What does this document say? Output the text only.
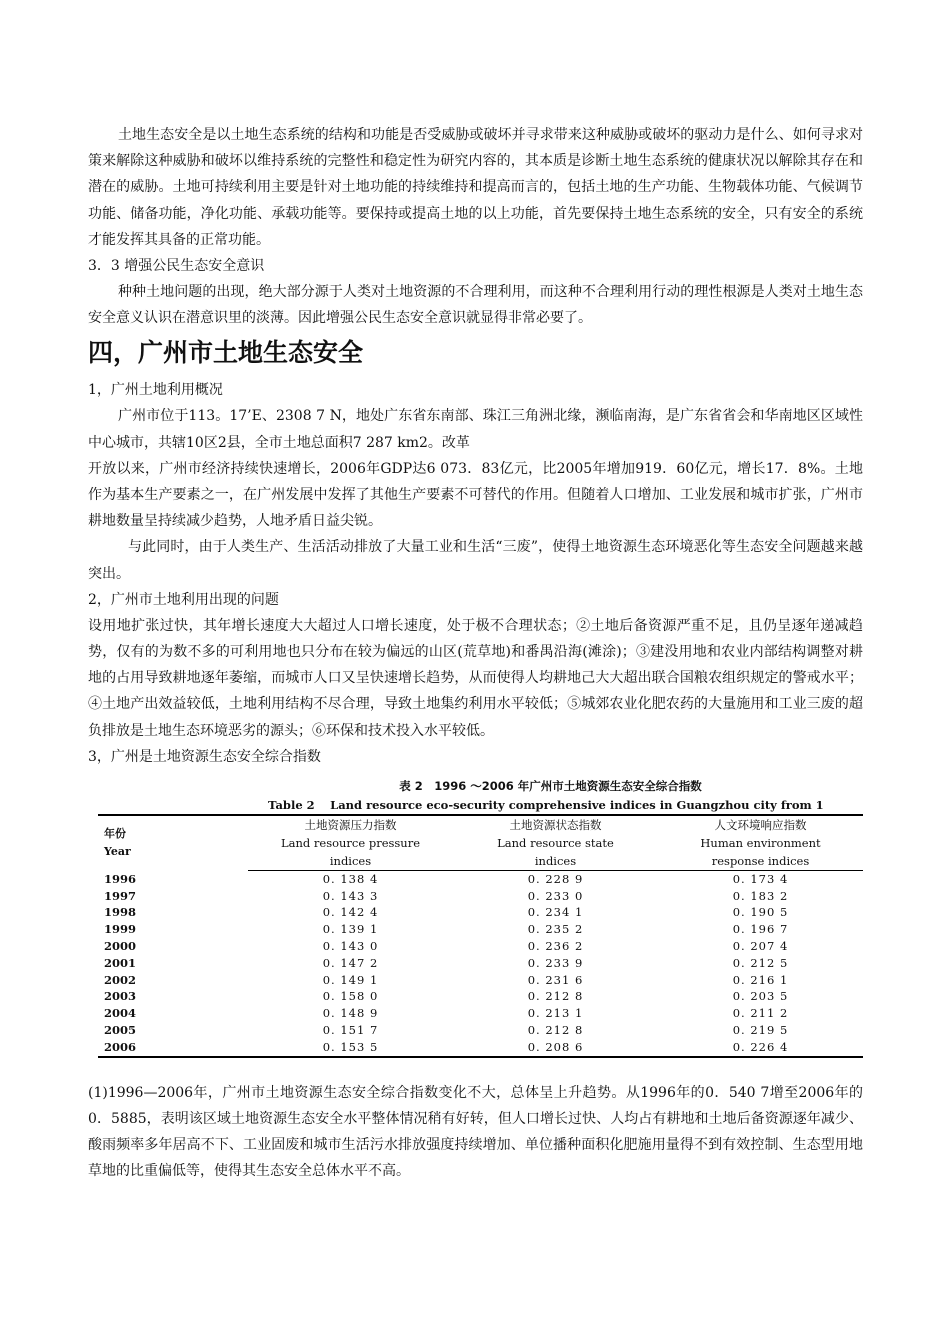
土地生态安全是以土地生态系统的结构和功能是否受威胁或破坏并寻求带来这种威胁或破坏的驱动力是什么、如何寻求对策来解除这种威胁和破坏以维持系统的完整性和稳定性为研究内容的，其本质是诊断土地生态系统的健康状况以解除其存在和潜在的威胁。土地可持续利用主要是针对土地功能的持续维持和提高而言的，包括土地的生产功能、生物载体功能、气候调节功能、储备功能，净化功能、承载功能等。要保持或提高土地的以上功能，首先要保持土地生态系统的安全，只有安全的系统才能发挥其具备的正常功能。

3．3 增强公民生态安全意识

种种土地问题的出现，绝大部分源于人类对土地资源的不合理利用，而这种不合理利用行动的理性根源是人类对土地生态安全意义认识在潜意识里的淡薄。因此增强公民生态安全意识就显得非常必要了。

四，广州市土地生态安全

1，广州土地利用概况

广州市位于113。17’E、2308 7 N，地处广东省东南部、珠江三角洲北缘，濒临南海，是广东省省会和华南地区区域性中心城市，共辖10区2县，全市土地总面积7 287 km2。改革

开放以来，广州市经济持续快速增长，2006年GDP达6 073．83亿元，比2005年增加919．60亿元，增长17．8%。土地作为基本生产要素之一，在广州发展中发挥了其他生产要素不可替代的作用。但随着人口增加、工业发展和城市扩张，广州市耕地数量呈持续减少趋势，人地矛盾日益尖锐。

与此同时，由于人类生产、生活活动排放了大量工业和生活“三废”，使得土地资源生态环境恶化等生态安全问题越来越突出。

2，广州市土地利用出现的问题

设用地扩张过快，其年增长速度大大超过人口增长速度，处于极不合理状态；②土地后备资源严重不足，且仍呈逐年递减趋势，仅有的为数不多的可利用地也只分布在较为偏远的山区(荒草地)和番禺沿海(滩涂)；③建没用地和农业内部结构调整对耕地的占用导致耕地逐年萎缩，而城市人口又呈快速增长趋势，从而使得人均耕地己大大超出联合国粮农组织规定的警戒水平；④土地产出效益较低，土地利用结构不尽合理，导致土地集约利用水平较低；⑤城郊农业化肥农药的大量施用和工业三废的超负排放是土地生态环境恶劣的源头；⑥环保和技术投入水平较低。

3，广州是土地资源生态安全综合指数

表 2　1996 ～2006 年广州市土地资源生态安全综合指数
Table 2　 Land resource eco-security comprehensive indices in Guangzhou city from 1
年份
Year	土地资源压力指数	土地资源状态指数	人文环境响应指数
	Land resource pressure	Land resource state	Human environment
	indices	indices	response indices
1996	0. 138 4	0. 228 9	0. 173 4
1997	0. 143 3	0. 233 0	0. 183 2
1998	0. 142 4	0. 234 1	0. 190 5
1999	0. 139 1	0. 235 2	0. 196 7
2000	0. 143 0	0. 236 2	0. 207 4
2001	0. 147 2	0. 233 9	0. 212 5
2002	0. 149 1	0. 231 6	0. 216 1
2003	0. 158 0	0. 212 8	0. 203 5
2004	0. 148 9	0. 213 1	0. 211 2
2005	0. 151 7	0. 212 8	0. 219 5
2006	0. 153 5	0. 208 6	0. 226 4

(1)1996—2006年，广州市土地资源生态安全综合指数变化不大，总体呈上升趋势。从1996年的0．540 7增至2006年的0．5885，表明该区域土地资源生态安全水平整体情况稍有好转，但人口增长过快、人均占有耕地和土地后备资源逐年减少、酸雨频率多年居高不下、工业固废和城市生活污水排放强度持续增加、单位播种面积化肥施用量得不到有效控制、生态型用地草地的比重偏低等，使得其生态安全总体水平不高。
